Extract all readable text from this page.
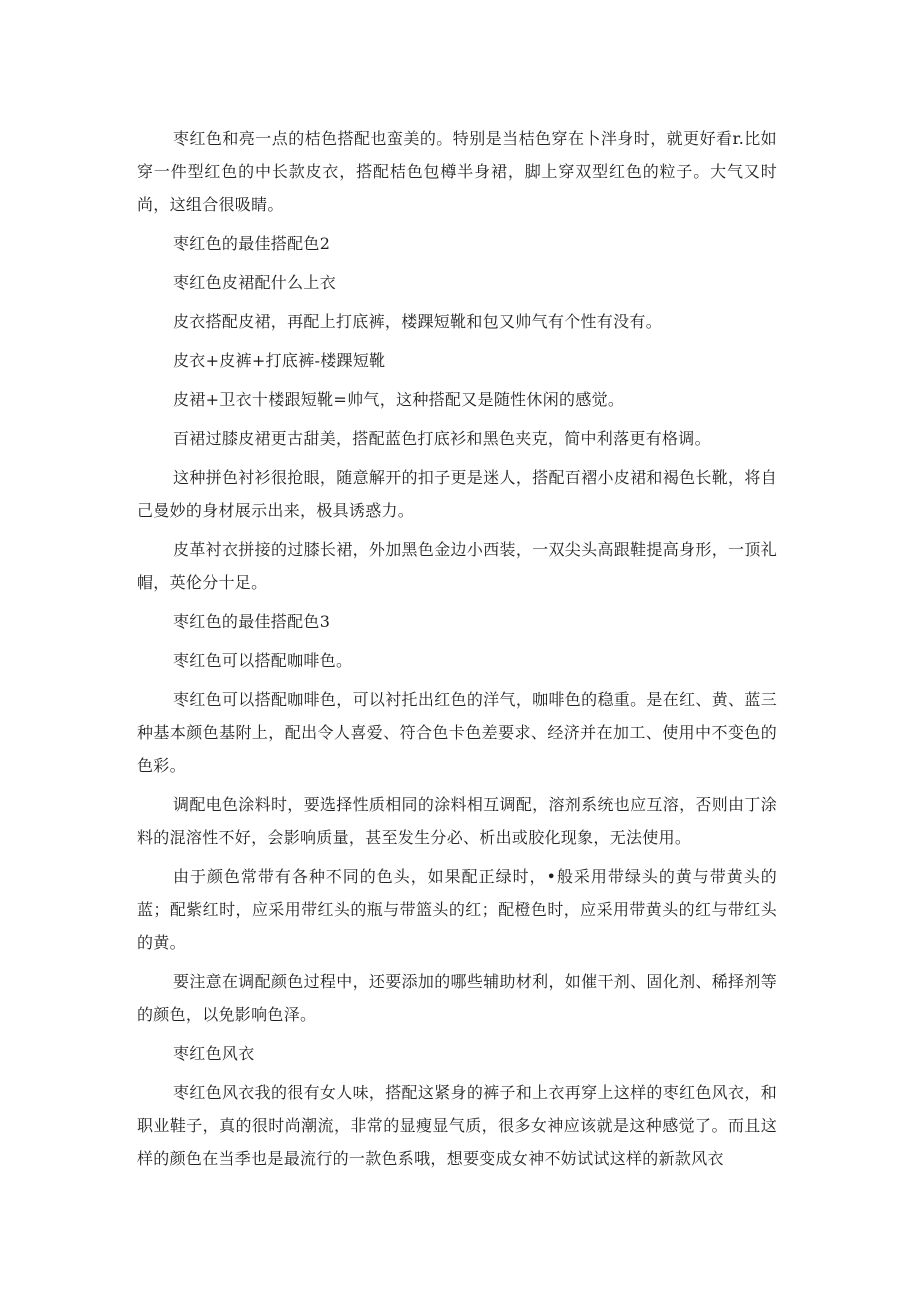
枣红色和亮一点的桔色搭配也蛮美的。特别是当桔色穿在卜泮身时，就更好看r.比如穿一件型红色的中长款皮衣，搭配桔色包樽半身裙，脚上穿双型红色的粒子。大气又时尚，这组合很吸睛。

枣红色的最佳搭配色2

枣红色皮裙配什么上衣

皮衣搭配皮裙，再配上打底裤，楼踝短靴和包又帅气有个性有没有。

皮衣+皮裤+打底裤-楼踝短靴

皮裙+卫衣十楼跟短靴=帅气，这种搭配又是随性休闲的感觉。

百裙过膝皮裙更古甜美，搭配蓝色打底衫和黑色夹克，简中利落更有格调。

这种拼色衬衫很抢眼，随意解开的扣子更是迷人，搭配百褶小皮裙和褐色长靴，将自己曼妙的身材展示出来，极具诱惑力。

皮革衬衣拼接的过膝长裙，外加黑色金边小西装，一双尖头高跟鞋提高身形，一顶礼帽，英伦分十足。

枣红色的最佳搭配色3

枣红色可以搭配咖啡色。

枣红色可以搭配咖啡色，可以衬托出红色的洋气，咖啡色的稳重。是在红、黄、蓝三种基本颜色基附上，配出令人喜爱、符合色卡色差要求、经济并在加工、使用中不变色的色彩。

调配电色涂料时，要选择性质相同的涂料相互调配，溶剂系统也应互溶，否则由丁涂料的混溶性不好，会影响质量，甚至发生分必、析出或胶化现象，无法使用。

由于颜色常带有各种不同的色头，如果配正绿时，•般采用带绿头的黄与带黄头的蓝；配紫红时，应采用带红头的瓶与带篮头的红；配橙色时，应采用带黄头的红与带红头的黄。

要注意在调配颜色过程中，还要添加的哪些辅助材利，如催干剂、固化剂、稀择剂等的颜色，以免影响色泽。

枣红色风衣

枣红色风衣我的很有女人味，搭配这紧身的裤子和上衣再穿上这样的枣红色风衣，和职业鞋子，真的很时尚潮流，非常的显瘦显气质，很多女神应该就是这种感觉了。而且这样的颜色在当季也是最流行的一款色系哦，想要变成女神不妨试试这样的新款风衣
